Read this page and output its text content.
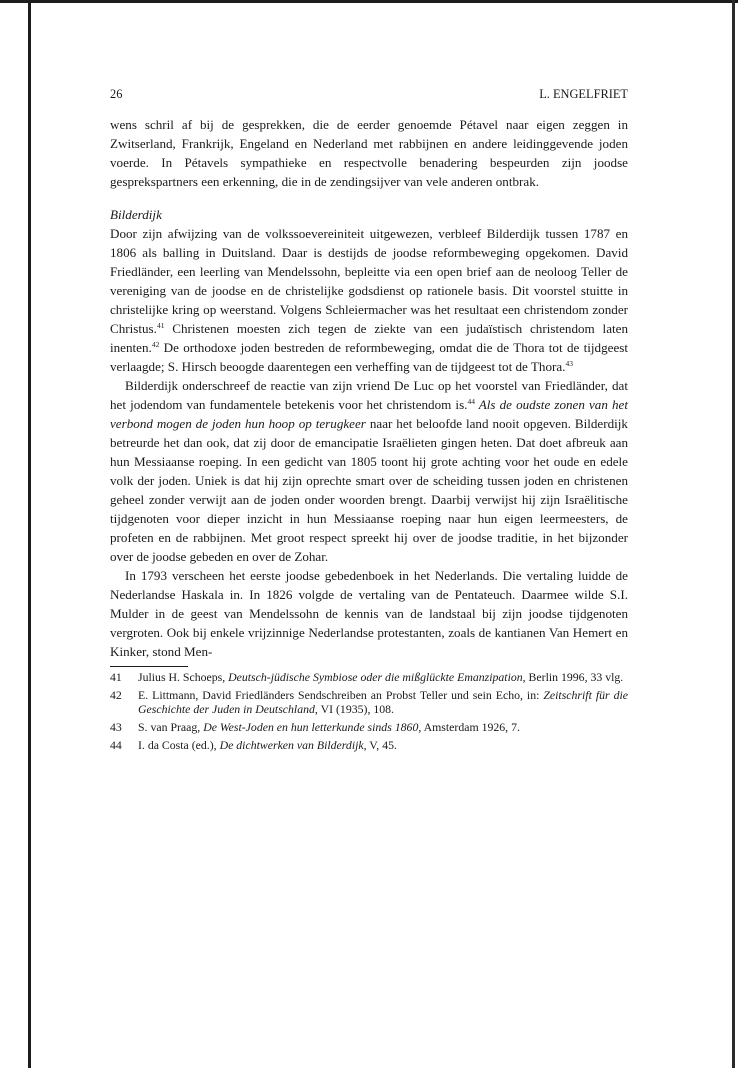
26	L. ENGELFRIET

wens schril af bij de gesprekken, die de eerder genoemde Pétavel naar eigen zeggen in Zwitserland, Frankrijk, Engeland en Nederland met rabbijnen en andere leidinggevende joden voerde. In Pétavels sympathieke en respectvolle benadering bespeurden zijn joodse gesprekspartners een erkenning, die in de zendingsijver van vele anderen ontbrak.

Bilderdijk

Door zijn afwijzing van de volkssoevereiniteit uitgewezen, verbleef Bilderdijk tussen 1787 en 1806 als balling in Duitsland. Daar is destijds de joodse reformbeweging opgekomen. David Friedländer, een leerling van Mendelssohn, bepleitte via een open brief aan de neoloog Teller de vereniging van de joodse en de christelijke godsdienst op rationele basis. Dit voorstel stuitte in christelijke kring op weerstand. Volgens Schleiermacher was het resultaat een christendom zonder Christus.$^{41}$ Christenen moesten zich tegen de ziekte van een judaïstisch christendom laten inenten.$^{42}$ De orthodoxe joden bestreden de reformbeweging, omdat die de Thora tot de tijdgeest verlaagde; S. Hirsch beoogde daarentegen een verheffing van de tijdgeest tot de Thora.$^{43}$

Bilderdijk onderschreef de reactie van zijn vriend De Luc op het voorstel van Friedländer, dat het jodendom van fundamentele betekenis voor het christendom is.$^{44}$ Als de oudste zonen van het verbond mogen de joden hun hoop op terugkeer naar het beloofde land nooit opgeven. Bilderdijk betreurde het dan ook, dat zij door de emancipatie Israëlieten gingen heten. Dat doet afbreuk aan hun Messiaanse roeping. In een gedicht van 1805 toont hij grote achting voor het oude en edele volk der joden. Uniek is dat hij zijn oprechte smart over de scheiding tussen joden en christenen geheel zonder verwijt aan de joden onder woorden brengt. Daarbij verwijst hij zijn Israëlitische tijdgenoten voor dieper inzicht in hun Messiaanse roeping naar hun eigen leermeesters, de profeten en de rabbijnen. Met groot respect spreekt hij over de joodse traditie, in het bijzonder over de joodse gebeden en over de Zohar.

In 1793 verscheen het eerste joodse gebedenboek in het Nederlands. Die vertaling luidde de Nederlandse Haskala in. In 1826 volgde de vertaling van de Pentateuch. Daarmee wilde S.I. Mulder in de geest van Mendelssohn de kennis van de landstaal bij zijn joodse tijdgenoten vergroten. Ook bij enkele vrijzinnige Nederlandse protestanten, zoals de kantianen Van Hemert en Kinker, stond Men-

41	Julius H. Schoeps, Deutsch-jüdische Symbiose oder die mißglückte Emanzipation, Berlin 1996, 33 vlg.
42	E. Littmann, David Friedländers Sendschreiben an Probst Teller und sein Echo, in: Zeitschrift für die Geschichte der Juden in Deutschland, VI (1935), 108.
43	S. van Praag, De West-Joden en hun letterkunde sinds 1860, Amsterdam 1926, 7.
44	I. da Costa (ed.), De dichtwerken van Bilderdijk, V, 45.
